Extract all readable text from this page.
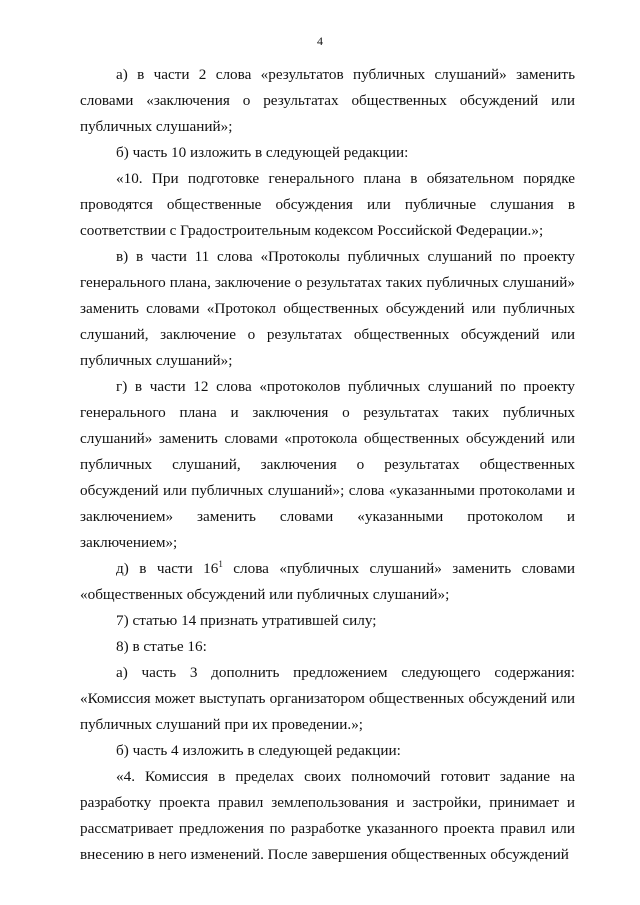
4

а) в части 2 слова «результатов публичных слушаний» заменить словами «заключения о результатах общественных обсуждений или публичных слушаний»;

б) часть 10 изложить в следующей редакции:

«10. При подготовке генерального плана в обязательном порядке проводятся общественные обсуждения или публичные слушания в соответствии с Градостроительным кодексом Российской Федерации.»;

в) в части 11 слова «Протоколы публичных слушаний по проекту генерального плана, заключение о результатах таких публичных слушаний» заменить словами «Протокол общественных обсуждений или публичных слушаний, заключение о результатах общественных обсуждений или публичных слушаний»;

г) в части 12 слова «протоколов публичных слушаний по проекту генерального плана и заключения о результатах таких публичных слушаний» заменить словами «протокола общественных обсуждений или публичных слушаний, заключения о результатах общественных обсуждений или публичных слушаний»; слова «указанными протоколами и заключением» заменить словами «указанными протоколом и заключением»;

д) в части $16^1$ слова «публичных слушаний» заменить словами «общественных обсуждений или публичных слушаний»;

7) статью 14 признать утратившей силу;

8) в статье 16:

а) часть 3 дополнить предложением следующего содержания: «Комиссия может выступать организатором общественных обсуждений или публичных слушаний при их проведении.»;

б) часть 4 изложить в следующей редакции:

«4. Комиссия в пределах своих полномочий готовит задание на разработку проекта правил землепользования и застройки, принимает и рассматривает предложения по разработке указанного проекта правил или внесению в него изменений. После завершения общественных обсуждений
